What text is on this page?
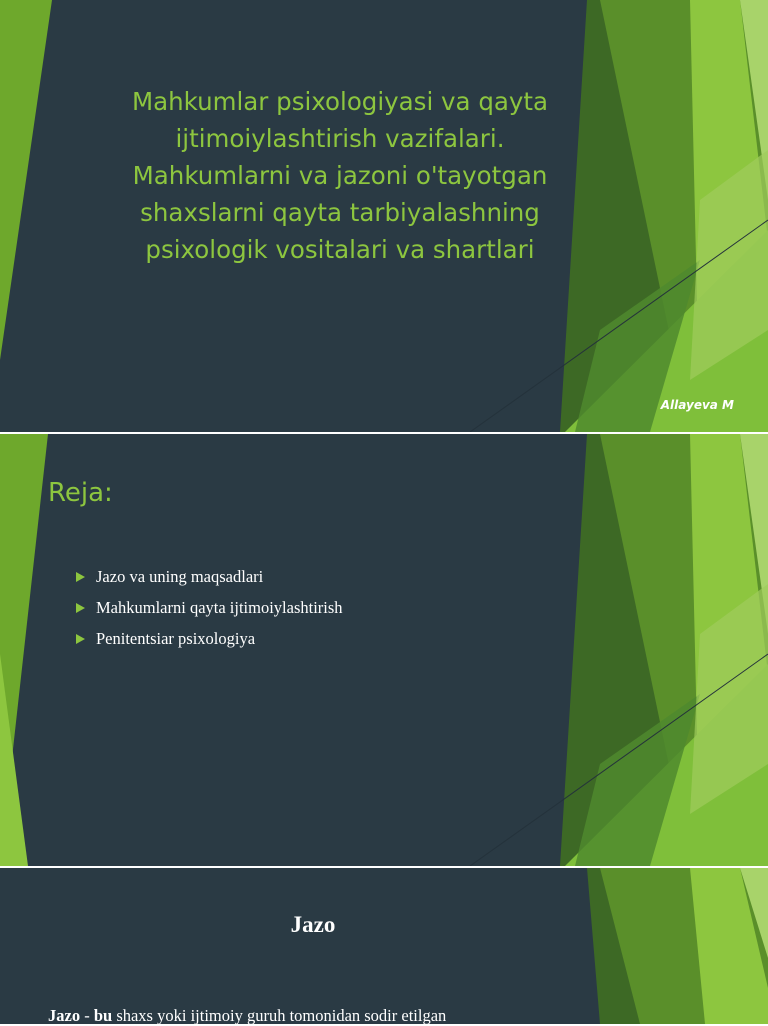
Mahkumlar psixologiyasi va qayta ijtimoiylashtirish vazifalari. Mahkumlarni va jazoni o'tayotgan shaxslarni qayta tarbiyalashning psixologik vositalari va shartlari
Allayeva M
Reja:
Jazo va uning maqsadlari
Mahkumlarni qayta ijtimoiylashtirish
Penitentsiar psixologiya
Jazo
Jazo - bu shaxs yoki ijtimoiy guruh tomonidan sodir etilgan
